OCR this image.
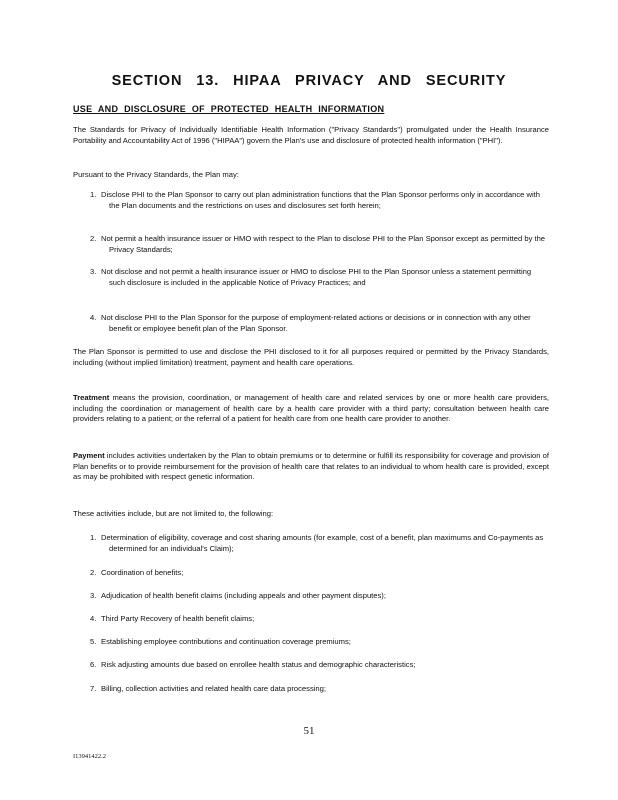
SECTION 13. HIPAA PRIVACY AND SECURITY
USE AND DISCLOSURE OF PROTECTED HEALTH INFORMATION
The Standards for Privacy of Individually Identifiable Health Information ("Privacy Standards") promulgated under the Health Insurance Portability and Accountability Act of 1996 ("HIPAA") govern the Plan's use and disclosure of protected health information ("PHI").
Pursuant to the Privacy Standards, the Plan may:
1. Disclose PHI to the Plan Sponsor to carry out plan administration functions that the Plan Sponsor performs only in accordance with the Plan documents and the restrictions on uses and disclosures set forth herein;
2. Not permit a health insurance issuer or HMO with respect to the Plan to disclose PHI to the Plan Sponsor except as permitted by the Privacy Standards;
3. Not disclose and not permit a health insurance issuer or HMO to disclose PHI to the Plan Sponsor unless a statement permitting such disclosure is included in the applicable Notice of Privacy Practices; and
4. Not disclose PHI to the Plan Sponsor for the purpose of employment-related actions or decisions or in connection with any other benefit or employee benefit plan of the Plan Sponsor.
The Plan Sponsor is permitted to use and disclose the PHI disclosed to it for all purposes required or permitted by the Privacy Standards, including (without implied limitation) treatment, payment and health care operations.
Treatment means the provision, coordination, or management of health care and related services by one or more health care providers, including the coordination or management of health care by a health care provider with a third party; consultation between health care providers relating to a patient; or the referral of a patient for health care from one health care provider to another.
Payment includes activities undertaken by the Plan to obtain premiums or to determine or fulfill its responsibility for coverage and provision of Plan benefits or to provide reimbursement for the provision of health care that relates to an individual to whom health care is provided, except as may be prohibited with respect genetic information.
These activities include, but are not limited to, the following:
1. Determination of eligibility, coverage and cost sharing amounts (for example, cost of a benefit, plan maximums and Co-payments as determined for an individual's Claim);
2. Coordination of benefits;
3. Adjudication of health benefit claims (including appeals and other payment disputes);
4. Third Party Recovery of health benefit claims;
5. Establishing employee contributions and continuation coverage premiums;
6. Risk adjusting amounts due based on enrollee health status and demographic characteristics;
7. Billing, collection activities and related health care data processing;
51
I13941422.2
